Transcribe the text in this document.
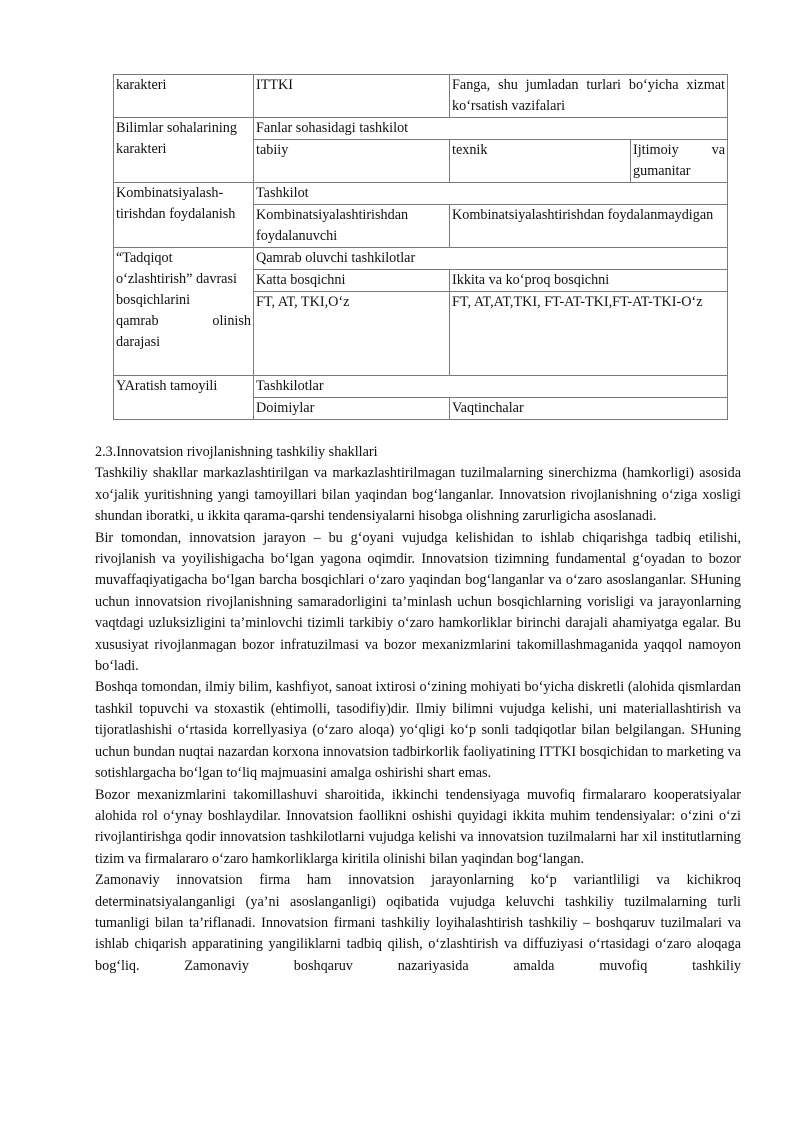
karakteri	ITTKI	Fanga, shu jumladan turlari bo‘yicha xizmat ko‘rsatish vazifalari	
Bilimlar sohalarining karakteri	Fanlar sohasidagi tashkilot		
	tabiiy	texnik	Ijtimoiy va
gumanitar

Kombinatsiyalash-tirishdan foydalanish	Tashkilot		
	Kombinatsiyalashtirishdan foydalanuvchi	Kombinatsiyalashtirishdan foydalanmaydigan	

“Tadqiqot o‘zlashtirish” davrasi bosqichlarini
qamrab olinish
darajasi	Qamrab oluvchi tashkilotlar		
	Katta bosqichni	Ikkita va ko‘proq bosqichni	
	FT, AT, TKI,O‘z	FT, AT,AT,TKI, FT-AT-TKI,FT-AT-TKI-O‘z	
YAratish tamoyili	Tashkilotlar		
	Doimiylar	Vaqtinchalar	

2.3.Innovatsion rivojlanishning tashkiliy shakllari

Tashkiliy shakllar markazlashtirilgan va markazlashtirilmagan tuzilmalarning sinerchizma (hamkorligi) asosida xo‘jalik yuritishning yangi tamoyillari bilan yaqindan bog‘langanlar. Innovatsion rivojlanishning o‘ziga xosligi shundan iboratki, u ikkita qarama-qarshi tendensiyalarni hisobga olishning zarurligicha asoslanadi.

Bir tomondan, innovatsion jarayon – bu g‘oyani vujudga kelishidan to ishlab chiqarishga tadbiq etilishi, rivojlanish va yoyilishigacha bo‘lgan yagona oqimdir. Innovatsion tizimning fundamental g‘oyadan to bozor muvaffaqiyatigacha bo‘lgan barcha bosqichlari o‘zaro yaqindan bog‘langanlar va o‘zaro asoslanganlar. SHuning uchun innovatsion rivojlanishning samaradorligini ta’minlash uchun bosqichlarning vorisligi va jarayonlarning vaqtdagi uzluksizligini ta’minlovchi tizimli tarkibiy o‘zaro hamkorliklar birinchi darajali ahamiyatga egalar. Bu xususiyat rivojlanmagan bozor infratuzilmasi va bozor mexanizmlarini takomillashmaganida yaqqol namoyon bo‘ladi.

Boshqa tomondan, ilmiy bilim, kashfiyot, sanoat ixtirosi o‘zining mohiyati bo‘yicha diskretli (alohida qismlardan tashkil topuvchi va stoxastik (ehtimolli, tasodifiy)dir. Ilmiy bilimni vujudga kelishi, uni materiallashtirish va tijoratlashishi o‘rtasida korrellyasiya (o‘zaro aloqa) yo‘qligi ko‘p sonli tadqiqotlar bilan belgilangan. SHuning uchun bundan nuqtai nazardan korxona innovatsion tadbirkorlik faoliyatining ITTKI bosqichidan to marketing va sotishlargacha bo‘lgan to‘liq majmuasini amalga oshirishi shart emas.

Bozor mexanizmlarini takomillashuvi sharoitida, ikkinchi tendensiyaga muvofiq firmalararo kooperatsiyalar alohida rol o‘ynay boshlaydilar. Innovatsion faollikni oshishi quyidagi ikkita muhim tendensiyalar: o‘zini o‘zi rivojlantirishga qodir innovatsion tashkilotlarni vujudga kelishi va innovatsion tuzilmalarni har xil institutlarning tizim va firmalararo o‘zaro hamkorliklarga kiritila olinishi bilan yaqindan bog‘langan.

Zamonaviy innovatsion firma ham innovatsion jarayonlarning ko‘p variantliligi va kichikroq determinatsiyalanganligi (ya’ni asoslanganligi) oqibatida vujudga keluvchi tashkiliy tuzilmalarning turli tumanligi bilan ta’riflanadi. Innovatsion firmani tashkiliy loyihalashtirish tashkiliy – boshqaruv tuzilmalari va ishlab chiqarish apparatining yangiliklarni tadbiq qilish, o‘zlashtirish va diffuziyasi o‘rtasidagi o‘zaro aloqaga bog‘liq. Zamonaviy boshqaruv nazariyasida amalda muvofiq tashkiliy
